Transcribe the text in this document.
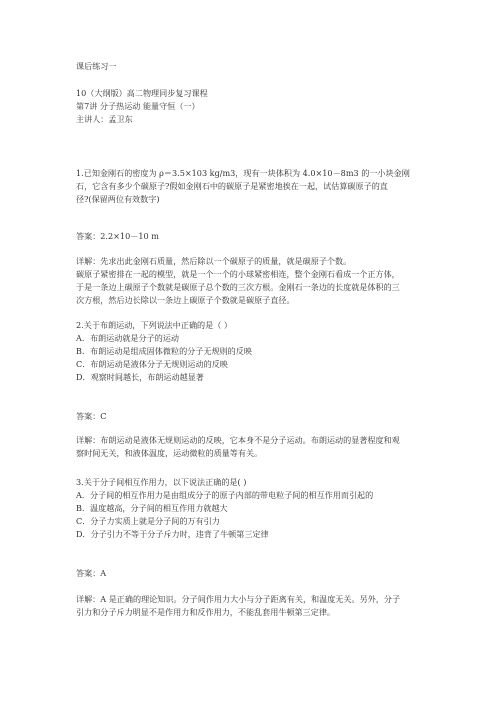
课后练习一
10（大纲版）高二物理同步复习课程
第7讲 分子热运动 能量守恒（一）
主讲人：孟卫东
1.已知金刚石的密度为 ρ＝3.5×103 kg/m3，现有一块体积为 4.0×10－8m3 的一小块金刚
石，它含有多少个碳原子?假如金刚石中的碳原子是紧密地挨在一起，试估算碳原子的直
径?(保留两位有效数字)
答案：2.2×10－10 m
详解：先求出此金刚石质量，然后除以一个碳原子的质量，就是碳原子个数。
碳原子紧密排在一起的模型，就是一个一个的小球紧密相连，整个金刚石看成一个正方体，
于是一条边上碳原子个数就是碳原子总个数的三次方根。金刚石一条边的长度就是体积的三
次方根，然后边长除以一条边上碳原子个数就是碳原子直径。
2.关于布朗运动，下列说法中正确的是（ ）
A．布朗运动就是分子的运动
B．布朗运动是组成固体微粒的分子无规则的反映
C．布朗运动是液体分子无规则运动的反映
D．观察时间越长，布朗运动越显著
答案：C
详解：布朗运动是液体无规则运动的反映，它本身不是分子运动。布朗运动的显著程度和观
察时间无关，和液体温度，运动微粒的质量等有关。
3.关于分子间相互作用力，以下说法正确的是( )
A．分子间的相互作用力是由组成分子的原子内部的带电粒子间的相互作用而引起的
B．温度越高，分子间的相互作用力就越大
C．分子力实质上就是分子间的万有引力
D．分子引力不等于分子斥力时，违背了牛顿第三定律
答案：A
详解：A 是正确的理论知识。分子间作用力大小与分子距离有关，和温度无关。另外，分子
引力和分子斥力明显不是作用力和反作用力，不能乱套用牛顿第三定律。
